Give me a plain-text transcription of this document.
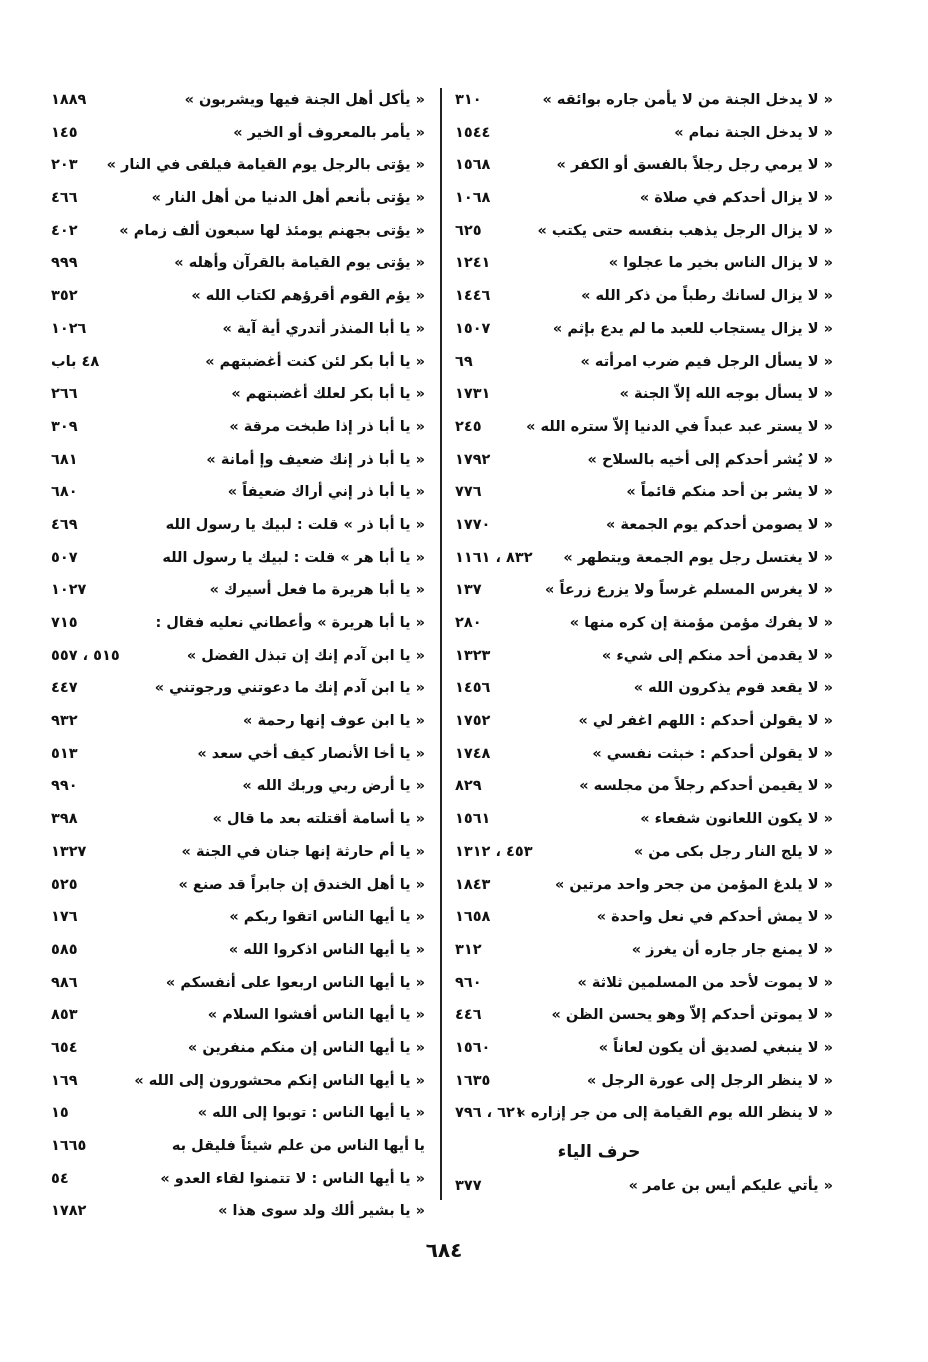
« لا يدخل الجنة من لا يأمن جاره بوائقه »
٣١٠
« لا يدخل الجنة نمام »
١٥٤٤
« لا يرمي رجل رجلاً بالفسق أو الكفر »
١٥٦٨
« لا يزال أحدكم في صلاة »
١٠٦٨
« لا يزال الرجل يذهب بنفسه حتى يكتب »
٦٢٥
« لا يزال الناس بخير ما عجلوا »
١٢٤١
« لا يزال لسانك رطباً من ذكر الله »
١٤٤٦
« لا يزال يستجاب للعبد ما لم يدع بإثم »
١٥٠٧
« لا يسأل الرجل فيم ضرب امرأته »
٦٩
« لا يسأل بوجه الله إلاّ الجنة »
١٧٣١
« لا يستر عبد عبداً في الدنيا إلاّ ستره الله »
٢٤٥
« لا يُشر أحدكم إلى أخيه بالسلاح »
١٧٩٢
« لا يشر بن أحد منكم قائماً »
٧٧٦
« لا يصومن أحدكم يوم الجمعة »
١٧٧٠
« لا يغتسل رجل يوم الجمعة ويتطهر »
٨٣٢ ، ١١٦١
« لا يغرس المسلم غرساً ولا يزرع زرعاً »
١٣٧
« لا يفرك مؤمن مؤمنة إن كره منها »
٢٨٠
« لا يقدمن أحد منكم إلى شيء »
١٣٢٣
« لا يقعد قوم يذكرون الله »
١٤٥٦
« لا يقولن أحدكم : اللهم اغفر لي »
١٧٥٢
« لا يقولن أحدكم : خبثت نفسي »
١٧٤٨
« لا يقيمن أحدكم رجلاً من مجلسه »
٨٢٩
« لا يكون اللعانون شفعاء »
١٥٦١
« لا يلج النار رجل بكى من »
٤٥٣ ، ١٣١٢
« لا يلدغ المؤمن من جحر واحد مرتين »
١٨٤٣
« لا يمش أحدكم في نعل واحدة »
١٦٥٨
« لا يمنع جار جاره أن يغرز »
٣١٢
« لا يموت لأحد من المسلمين ثلاثة »
٩٦٠
« لا يموتن أحدكم إلاّ وهو يحسن الظن »
٤٤٦
« لا ينبغي لصديق أن يكون لعاناً »
١٥٦٠
« لا ينظر الرجل إلى عورة الرجل »
١٦٣٥
« لا ينظر الله يوم القيامة إلى من جر إزاره »
٦٢١ ، ٧٩٦
حرف الياء
« يأتي عليكم أيس بن عامر »
٣٧٧
« يأكل أهل الجنة فيها ويشربون »
١٨٨٩
« يأمر بالمعروف أو الخير »
١٤٥
« يؤتى بالرجل يوم القيامة فيلقى في النار »
٢٠٣
« يؤتى بأنعم أهل الدنيا من أهل النار »
٤٦٦
« يؤتى بجهنم يومئذ لها سبعون ألف زمام »
٤٠٢
« يؤتى يوم القيامة بالقرآن وأهله »
٩٩٩
« يؤم القوم أقرؤهم لكتاب الله »
٣٥٢
« يا أبا المنذر أتدري أية آية »
١٠٢٦
« يا أبا بكر لئن كنت أغضبتهم »
٤٨ باب
« يا أبا بكر لعلك أغضبتهم »
٢٦٦
« يا أبا ذر إذا طبخت مرقة »
٣٠٩
« يا أبا ذر إنك ضعيف وإ أمانة »
٦٨١
« يا أبا ذر إني أراك ضعيفاً »
٦٨٠
« يا أبا ذر » قلت : لبيك يا رسول الله
٤٦٩
« يا أبا هر » قلت : لبيك يا رسول الله
٥٠٧
« يا أبا هريرة ما فعل أسيرك »
١٠٢٧
« يا أبا هريرة » وأعطاني نعليه فقال :
٧١٥
« يا ابن آدم إنك إن تبذل الفضل »
٥١٥ ، ٥٥٧
« يا ابن آدم إنك ما دعوتني ورجوتني »
٤٤٧
« يا ابن عوف إنها رحمة »
٩٣٢
« يا أخا الأنصار كيف أخي سعد »
٥١٣
« يا أرض ربي وربك الله »
٩٩٠
« يا أسامة أقتلته بعد ما قال »
٣٩٨
« يا أم حارثة إنها جنان في الجنة »
١٣٢٧
« يا أهل الخندق إن جابراً قد صنع »
٥٢٥
« يا أيها الناس اتقوا ربكم »
١٧٦
« يا أيها الناس اذكروا الله »
٥٨٥
« يا أيها الناس اربعوا على أنفسكم »
٩٨٦
« يا أيها الناس أفشوا السلام »
٨٥٣
« يا أيها الناس إن منكم منفرين »
٦٥٤
« يا أيها الناس إنكم محشورون إلى الله »
١٦٩
« يا أيها الناس : توبوا إلى الله »
١٥
يا أيها الناس من علم شيئاً فليقل به
١٦٦٥
« يا أيها الناس : لا تتمنوا لقاء العدو »
٥٤
« يا بشير ألك ولد سوى هذا »
١٧٨٢
٦٨٤
